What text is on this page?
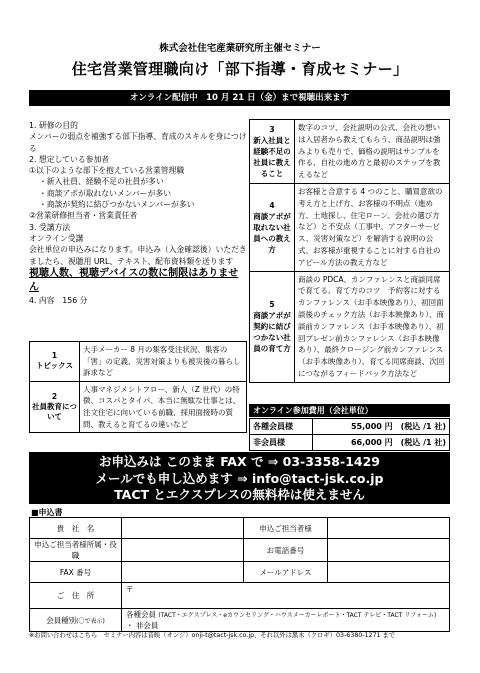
株式会社住宅産業研究所主催セミナー
住宅営業管理職向け「部下指導・育成セミナー」
オンライン配信中　10 月 21 日（金）まで視聴出来ます

1. 研修の目的

メンバーの弱点を補強する部下指導、育成のスキルを身につける

2. 想定している参加者

①以下のような部下を抱えている営業管理職

・新入社員、経験不足の社員が多い

・商談アポが取れないメンバーが多い

・商談が契約に結びつかないメンバーが多い

②営業研修担当者・営業責任者

3. 受講方法

オンライン受講

会社単位の申込みになります。申込み（入金確認後）いただきましたら、視聴用 URL、テキスト、配布資料類を送ります

視聴人数、視聴デバイスの数に制限はありません

4. 内容　156 分

1
トピックス	大手メーカー 8 月の集客受注状況、集客の「害」の定義、災害対策よりも被災後の暮らし訴求など

2
社員教育について	人事マネジメントフロー、新人（Z 世代）の特徴、コスパとタイパ、本当に無駄な仕事とは、注文住宅に向いている前職、採用面接時の質問、教えると育てるの違いなど
3
新入社員と経験不足の社員に教えること	数字のコツ、会社説明の公式、会社の想いは入居者から教えてもらう、商品説明は強みよりも売りで、価格の説明はサンプルを作る、自社の進め方と最初のステップを教えるなど

4
商談アポが取れない社員への教え方	お客様と合意する 4 つのこと、購買意欲の考え方と上げ方、お客様の不明点（進め方、土地探し、住宅ローン、会社の選び方など）と不安点（工事中、アフターサービス、災害対策など）を解消する説明の公式、お客様が重視することに対する自社のアピール方法の教え方など

5
商談アポが契約に結びつかない社員の育て方	商談の PDCA、カンファレンスと商談同席で育てる、育て方のコツ　予約客に対するカンファレンス（お手本映像あり）、初回面談後のチェック方法（お手本映像あり）、商談前カンファレンス（お手本映像あり）、初回プレゼン前カンファレンス（お手本映像あり）、最終クロージング前カンファレンス（お手本映像あり）、育てる同席商談、次回につながるフィードバック方法など
オンライン参加費用（会社単位）
各種会員様	55,000 円　(税込 /1 社)
非会員様	66,000 円　(税込 /1 社)
お申込みは このまま FAX で ⇒ 03-3358-1429
メールでも申し込めます ⇒ info@tact-jsk.co.jp
TACT とエクスプレスの無料枠は使えません
■申込書
貴　社　名		申込ご担当者様	
申込ご担当者様所属・役職		お電話番号	
FAX 番号		メールアドレス	
ご　住　所	〒		
会員種別(〇で表示)	各種会員 (TACT・エクスプレス・eカウンセリング・ハウスメーカーレポート・TACT テレビ・TACT リフォーム) ・ 非会員		
※お問い合わせはこちら　セミナー内容は音映（オンジ）onji-t@tact-jsk.co.jp、それ以外は黒木（クロギ）03-6380-1271 まで
